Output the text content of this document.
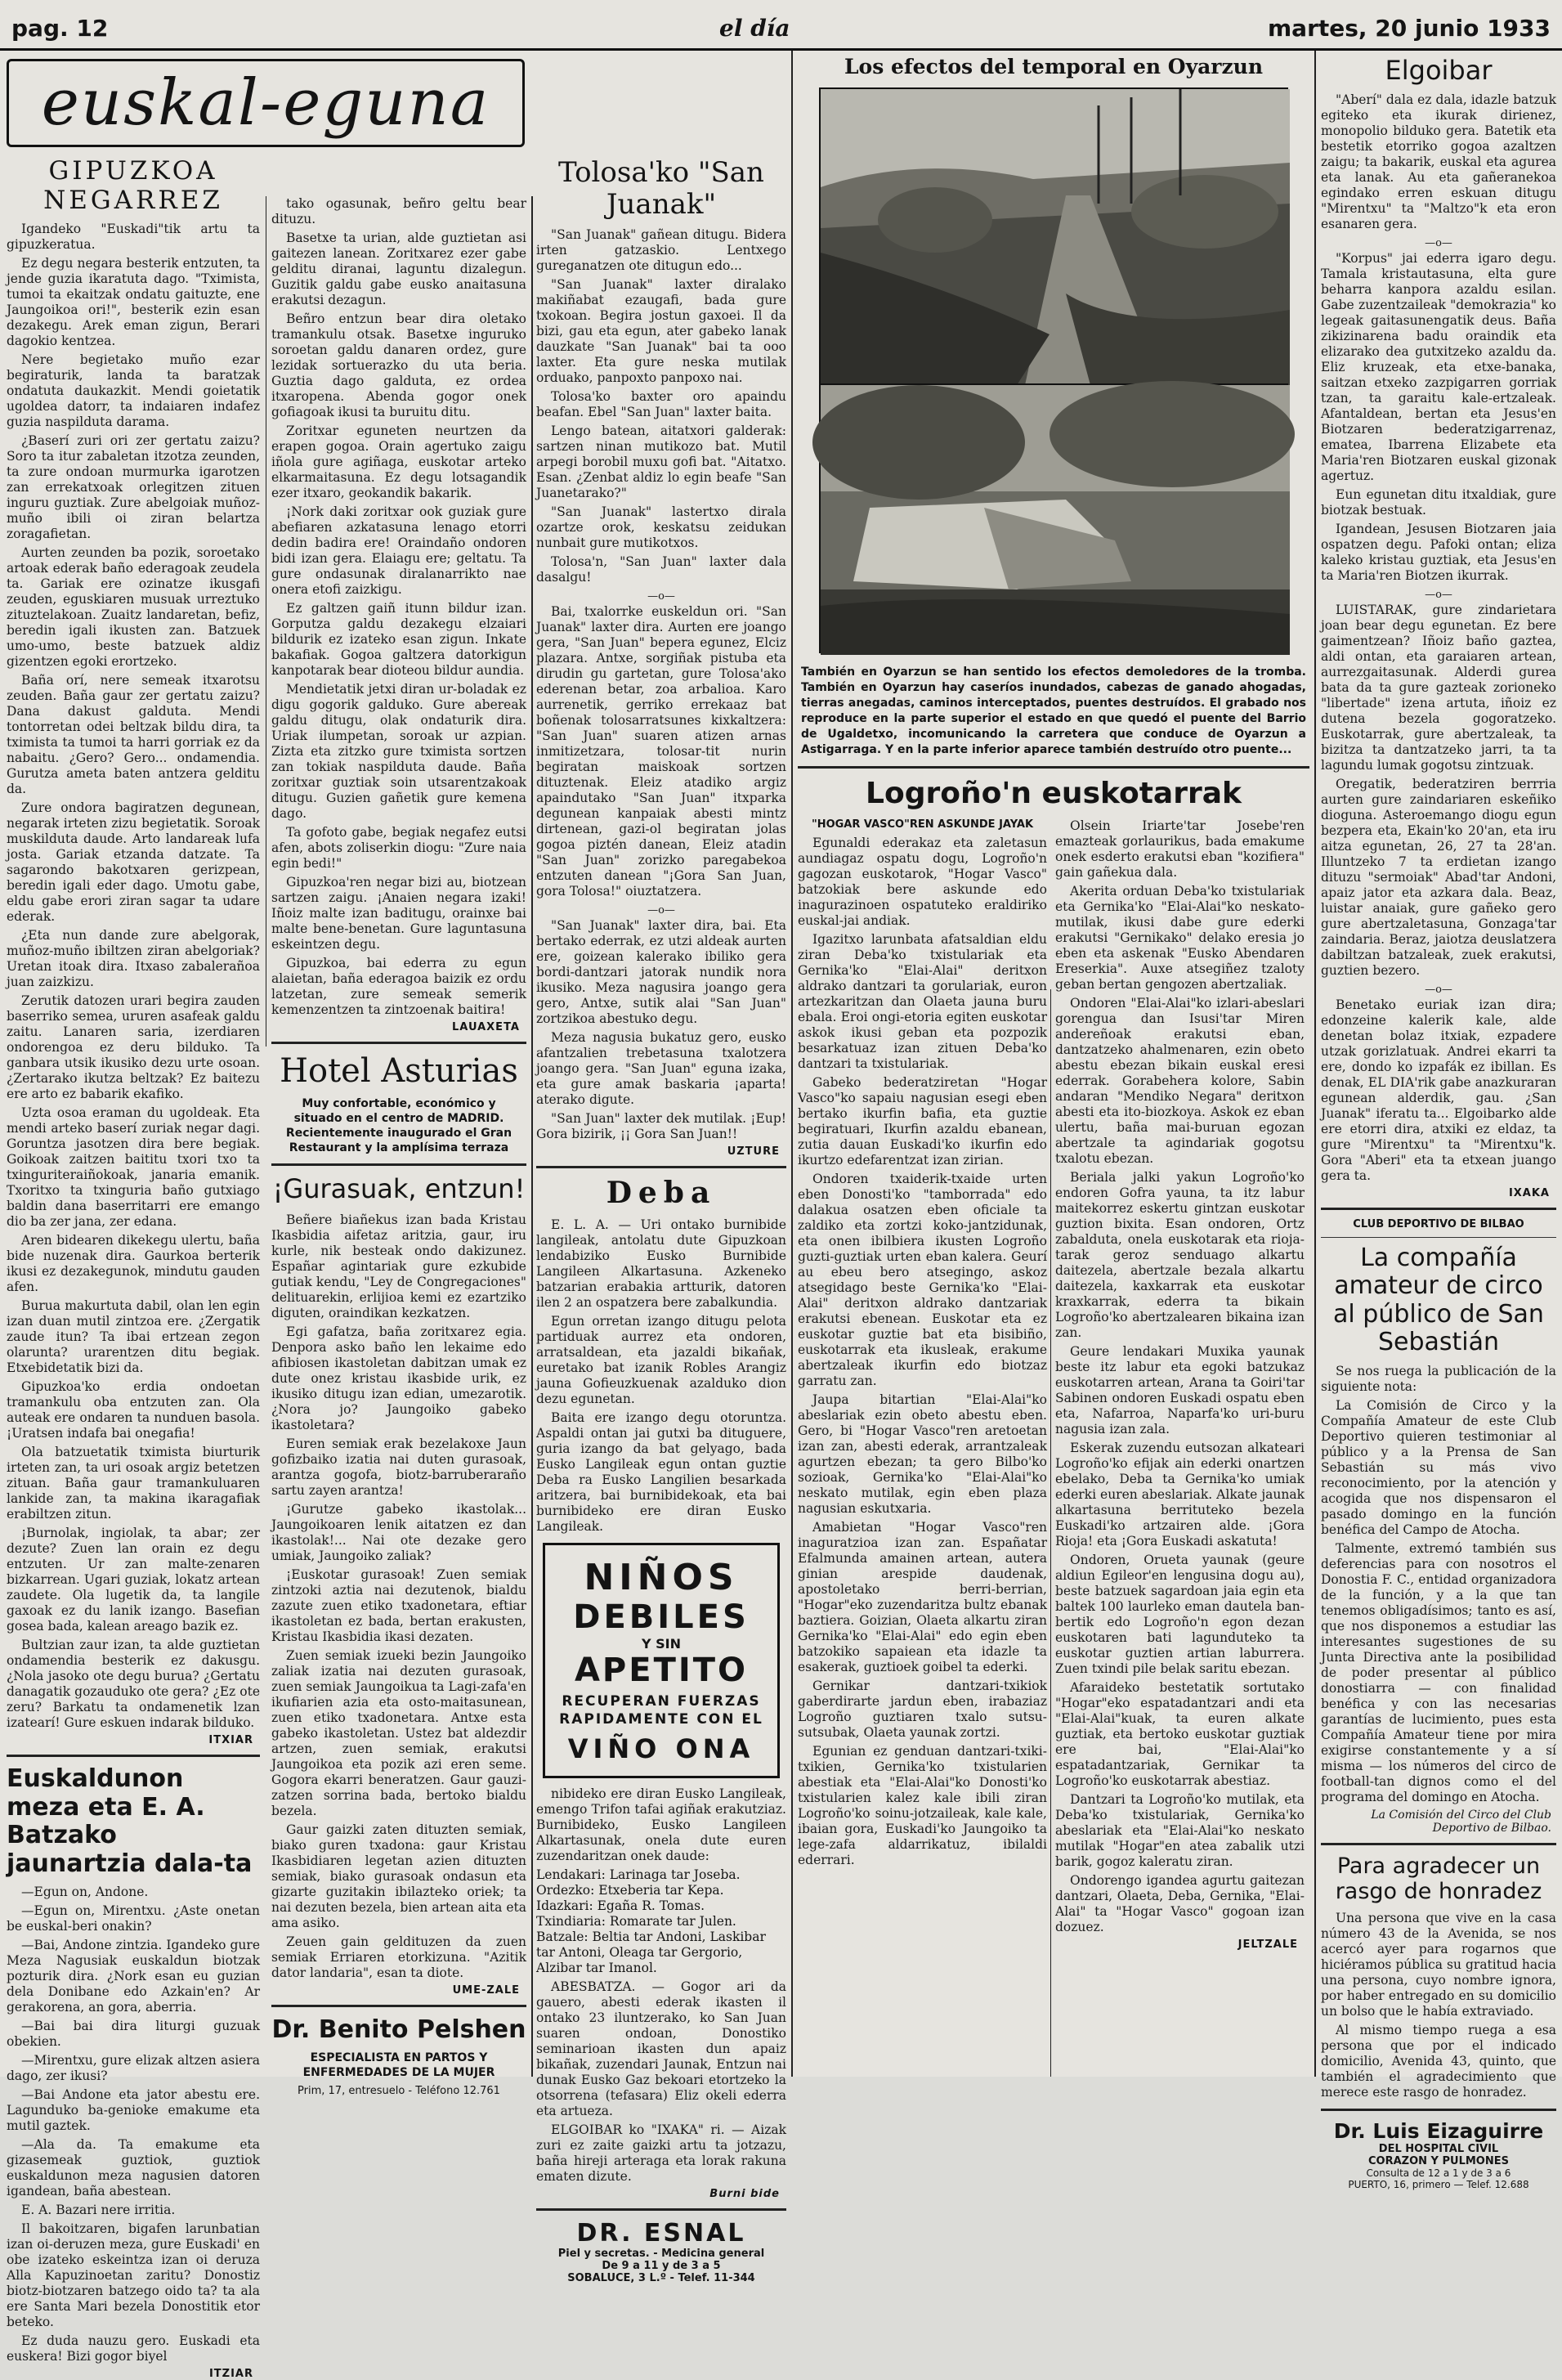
pag. 12	el día	martes, 20 junio 1933
euskal-egunа
GIPUZKOA NEGARREZ

Igandeko "Euskadi"tik artu ta gipuzkeratua.

Ez degu negara besterik entzuten, ta jende guzia ikaratuta dago. "Tximista, tumoi ta ekaitzak ondatu gaituzte, ene Jaungoikoa ori!", besterik ezin esan dezakegu. Arek eman zigun, Berari dagokio kentzea.

Nere begietako muño ezar begiraturik, landa ta baratzak ondatuta daukazkit. Mendi goietatik ugoldea datorr, ta indaiaren indafez guzia naspilduta darama.

¿Baserí zuri ori zer gertatu zaizu? Soro ta itur zabaletan itzotza zeunden, ta zure ondoan murmurka igarotzen zan errekatxoak orlegitzen zituen inguru guztiak. Zure abelgoiak muñoz-muño ibili oi ziran belartza zoragafietan.

Aurten zeunden ba pozik, soroetako artoak ederak baño ederagoak zeudela ta. Gariak ere ozinatze ikusgafi zeuden, eguskiaren musuak urreztuko zituztelakoan. Zuaitz landaretan, befiz, beredin igali ikusten zan. Batzuek umo-umo, beste batzuek aldiz gizentzen egoki erortzeko.

Baña orí, nere semeak itxarotsu zeuden. Baña gaur zer gertatu zaizu? Dana dakust galduta. Mendi tontorretan odei beltzak bildu dira, ta tximista ta tumoi ta harri gorriak ez da nabaitu. ¿Gero? Gero... ondamendia. Gurutza ameta baten antzera gelditu da.

Zure ondora bagiratzen degunean, negarak irteten zizu begietatik. Soroak muskilduta daude. Arto landareak lufa josta. Gariak etzanda datzate. Ta sagarondo bakotxaren gerizpean, beredin igali eder dago. Umotu gabe, eldu gabe erori ziran sagar ta udare ederak.

¿Eta nun dande zure abelgorak, muñoz-muño ibiltzen ziran abelgoriak? Uretan itoak dira. Itxaso zabalerañoa juan zaizkizu.

Zerutik datozen urari begira zauden baserriko semea, ururen asafeak galdu zaitu. Lanaren saria, izerdiaren ondorengoa ez deru bilduko. Ta ganbara utsik ikusiko dezu urte osoan. ¿Zertarako ikutza beltzak? Ez baitezu ere arto ez babarik ekafiko.

Uzta osoa eraman du ugoldeak. Eta mendi arteko baserí zuriak negar dagi. Goruntza jasotzen dira bere begiak. Goikoak zaitzen baititu txori txo ta txinguriteraiñokoak, janaria emanik. Txoritxo ta txinguria baño gutxiago baldin dana baserritarri ere emango dio ba zer jana, zer edana.

Aren bidearen dikekegu ulertu, baña bide nuzenak dira. Gaurkoa berterik ikusi ez dezakegunok, mindutu gauden afen.

Burua makurtuta dabil, olan len egin izan duan mutil zintzoa ere. ¿Zergatik zaude itun? Ta ibai ertzean zegon olarunta? urarentzen ditu begiak. Etxebidetatik bizi da.

Gipuzkoa'ko erdia ondoetan tramankulu oba entzuten zan. Ola auteak ere ondaren ta nunduen basola. ¡Uratsen indafa bai onegafia!

Ola batzuetatik tximista biurturik irteten zan, ta uri osoak argiz betetzen zituan. Baña gaur tramankuluaren lankide zan, ta makina ikaragafiak erabiltzen zitun.

¡Burnolak, ingiolak, ta abar; zer dezute? Zuen lan orain ez degu entzuten. Ur zan malte-zenaren bizkarrean. Ugari guziak, lokatz artean zaudete. Ola lugetik da, ta langile gaxoak ez du lanik izango. Basefian gosea bada, kalean areago bazik ez.

Bultzian zaur izan, ta alde guztietan ondamendia besterik ez dakusgu. ¿Nola jasoko ote degu burua? ¿Gertatu danagatik gozauduko ote gera? ¿Ez ote zeru? Barkatu ta ondamenetik lzan izatearí! Gure eskuen indarak bilduko.

ITXIAR
Euskaldunon meza eta E. A. Batzako jaunartzia dala-ta

—Egun on, Andone.

—Egun on, Mirentxu. ¿Aste onetan be euskal-beri onakin?

—Bai, Andone zintzia. Igandeko gure Meza Nagusiak euskaldun biotzak pozturik dira. ¿Nork esan eu guzian dela Donibane edo Azkain'en? Ar gerakorena, an gora, aberria.

—Bai bai dira liturgi guzuak obekien.

—Mirentxu, gure elizak altzen asiera dago, zer ikusi?

—Bai Andone eta jator abestu ere. Lagunduko ba-genioke emakume eta mutil gaztek.

—Ala da. Ta emakume eta gizasemeak guztiok, guztiok euskaldunon meza nagusien datoren igandean, baña abestean.

E. A. Bazari nere irritia.

Il bakoitzaren, bigafen larunbatian izan oi-deruzen meza, gure Euskadi' en obe izateko eskeintza izan oi deruza Alla Kapuzinoetan zaritu? Donostiz biotz-biotzaren batzego oido ta? ta ala ere Santa Mari bezela Donostitik etor beteko.

Ez duda nauzu gero. Euskadi eta euskera! Bizi gogor biyel

ITZIAR

tako ogasunak, beñro geltu bear dituzu.

Basetxe ta urian, alde guztietan asi gaitezen lanean. Zoritxarez ezer gabe gelditu diranai, laguntu dizalegun. Guzitik galdu gabe eusko anaitasuna erakutsi dezagun.

Beñro entzun bear dira oletako tramankulu otsak. Basetxe inguruko soroetan galdu danaren ordez, gure lezidak sortuerazko du uta beria. Guztia dago galduta, ez ordea itxaropena. Abenda gogor onek gofiagoak ikusi ta buruitu ditu.

Zoritxar eguneten neurtzen da erapen gogoa. Orain agertuko zaigu iñola gure agiñaga, euskotar arteko elkarmaitasuna. Ez degu lotsagandik ezer itxaro, geokandik bakarik.

¡Nork daki zoritxar ook guziak gure abefiaren azkatasuna lenago etorri dedin badira ere! Oraindaño ondoren bidi izan gera. Elaiagu ere; geltatu. Ta gure ondasunak diralanarrikto nae onera etofi zaizkigu.

Ez galtzen gaiñ itunn bildur izan. Gorputza galdu dezakegu elzaiari bildurik ez izateko esan zigun. Inkate bakafiak. Gogoa galtzera datorkigun kanpotarak bear dioteou bildur aundia.

Mendietatik jetxi diran ur-boladak ez digu gogorik galduko. Gure abereak galdu ditugu, olak ondaturik dira. Uriak ilumpetan, soroak ur azpian. Zizta eta zitzko gure tximista sortzen zan tokiak naspilduta daude. Baña zoritxar guztiak soin utsarentzakoak ditugu. Guzien gañetik gure kemena dago.

Ta gofoto gabe, begiak negafez eutsi afen, abots zoliserkin diogu: "Zure naia egin bedi!"

Gipuzkoa'ren negar bizi au, biotzean sartzen zaigu. ¡Anaien negara izaki! Iñoiz malte izan baditugu, orainxe bai malte bene-benetan. Gure laguntasuna eskeintzen degu.

Gipuzkoa, bai ederra zu egun alaietan, baña ederagoa baizik ez ordu latzetan, zure semeak semerik kemenzentzen ta zintzoenak baitira!

LAUAXETA
Hotel Asturias
Muy confortable, económico y situado en el centro de MADRID. Recientemente inaugurado el Gran Restaurant y la amplísima terraza
¡Gurasuak, entzun!

Beñere biañekus izan bada Kristau Ikasbidia aifetaz aritzia, gaur, iru kurle, nik besteak ondo dakizunez. Españar agintariak gure ezkubide gutiak kendu, "Ley de Congregaciones" delituarekin, erlijioa kemi ez ezartziko diguten, oraindikan kezkatzen.

Egi gafatza, baña zoritxarez egia. Denpora asko baño len lekaime edo afibiosen ikastoletan dabitzan umak ez dute onez kristau ikasbide urik, ez ikusiko ditugu izan edian, umezarotik. ¿Nora jo? Jaungoiko gabeko ikastoletara?

Euren semiak erak bezelakoxe Jaun gofizbaiko izatia nai duten gurasoak, arantza gogofa, biotz-barruberaraño sartu zayen arantza!

¡Gurutze gabeko ikastolak... Jaungoikoaren lenik aitatzen ez dan ikastolak!... Nai ote dezake gero umiak, Jaungoiko zaliak?

¡Euskotar gurasoak! Zuen semiak zintzoki aztia nai dezutenok, bialdu zazute zuen etiko txadonetara, eftiar ikastoletan ez bada, bertan erakusten, Kristau Ikasbidia ikasi dezaten.

Zuen semiak izueki bezin Jaungoiko zaliak izatia nai dezuten gurasoak, zuen semiak Jaungoikua ta Lagi-zafa'en ikufiarien azia eta osto-maitasunean, zuen etiko txadonetara. Antxe esta gabeko ikastoletan. Ustez bat aldezdir artzen, zuen semiak, erakutsi Jaungoikoa eta pozik azi eren seme. Gogora ekarri beneratzen. Gaur gauzi-zatzen sorrina bada, bertoko bialdu bezela.

Gaur gaizki zaten dituzten semiak, biako guren txadona: gaur Kristau Ikasbidiaren legetan azien dituzten semiak, biako gurasoak ondasun eta gizarte guzitakin ibilazteko oriek; ta nai dezuten bezela, bien artean aita eta ama asiko.

Zeuen gain geldituzen da zuen semiak Erriaren etorkizuna. "Azitik dator landaria", esan ta diote.

UME-ZALE
Dr. Benito Pelshen
ESPECIALISTA EN PARTOS Y ENFERMEDADES DE LA MUJER
Prim, 17, entresuelo - Teléfono 12.761
Tolosa'ko "San Juanak"

"San Juanak" gañean ditugu. Bidera irten gatzaskio. Lentxego gureganatzen ote ditugun edo...

"San Juanak" laxter diralako makiñabat ezaugafi, bada gure txokoan. Begira jostun gaxoei. Il da bizi, gau eta egun, ater gabeko lanak dauzkate "San Juanak" bai ta ooo laxter. Eta gure neska mutilak orduako, panpoxto panpoxo nai.

Tolosa'ko baxter oro apaindu beafan. Ebel "San Juan" laxter baita.

Lengo batean, aitatxori galderak: sartzen ninan mutikozo bat. Mutil arpegi borobil muxu gofi bat. "Aitatxo. Esan. ¿Zenbat aldiz lo egin beafe "San Juanetarako?"

"San Juanak" lastertxo dirala ozartze orok, keskatsu zeidukan nunbait gure mutikotxos.

Tolosa'n, "San Juan" laxter dala dasalgu!

—o—

Bai, txalorrke euskeldun ori. "San Juanak" laxter dira. Aurten ere joango gera, "San Juan" bepera egunez, Elciz plazara. Antxe, sorgiñak pistuba eta dirudin gu gartetan, gure Tolosa'ako ederenan betar, zoa arbalioa. Karo aurrenetik, gerriko errekaaz bat boñenak tolosarratsunes kixkaltzera: "San Juan" suaren atizen arnas inmitizetzara, tolosar-tit nurin begiratan maiskoak sortzen dituztenak. Eleiz atadiko argiz apaindutako "San Juan" itxparka degunean kanpaiak abesti mintz dirtenean, gazi-ol begiratan jolas gogoa piztén danean, Eleiz atadin "San Juan" zorizko paregabekoa entzuten danean "¡Gora San Juan, gora Tolosa!" oiuztatzera.

—o—

"San Juanak" laxter dira, bai. Eta bertako ederrak, ez utzi aldeak aurten ere, goizean kalerako ibiliko gera bordi-dantzari jatorak nundik nora ikusiko. Meza nagusira joango gera gero, Antxe, sutik alai "San Juan" zortzikoa abestuko degu.

Meza nagusia bukatuz gero, eusko afantzalien trebetasuna txalotzera joango gera. "San Juan" eguna izaka, eta gure amak baskaria ¡aparta! aterako digute.

"San Juan" laxter dek mutilak. ¡Eup! Gora bizirik, ¡¡ Gora San Juan!!

UZTURE
Deba

E. L. A. — Uri ontako burnibide langileak, antolatu dute Gipuzkoan lendabiziko Eusko Burnibide Langileen Alkartasuna. Azkeneko batzarian erabakia artturik, datoren ilen 2 an ospatzera bere zabalkundia.

Egun orretan izango ditugu pelota partiduak aurrez eta ondoren, arratsaldean, eta jazaldi bikañak, euretako bat izanik Robles Arangiz jauna Gofieuzkuenak azalduko dion dezu egunetan.

Baita ere izango degu otoruntza. Aspaldi ontan jai gutxi ba dituguere, guria izango da bat gelyago, bada Eusko Langileak egun ontan guztie Deba ra Eusko Langilien besarkada aritzera, bai burnibidekoak, eta bai burnibideko ere diran Eusko Langileak.

NIÑOS
DEBILES
Y SIN
APETITO
RECUPERAN FUERZAS RAPIDAMENTE CON EL
VIÑO ONA

nibideko ere diran Eusko Langileak, emengo Trifon tafai agiñak erakutziaz. Burnibideko, Eusko Langileen Alkartasunak, onela dute euren zuzendaritzan onek daude:

Lendakari: Larinaga tar Joseba.
Ordezko: Etxeberia tar Kepa.
Idazkari: Egaña R. Tomas.
Txindiaria: Romarate tar Julen.
Batzale: Beltia tar Andoni, Laskibar tar Antoni, Oleaga tar Gergorio, Alzibar tar Imanol.

ABESBATZA. — Gogor ari da gauero, abesti ederak ikasten il ontako 23 iluntzerako, ko San Juan suaren ondoan, Donostiko seminarioan ikasten dun apaiz bikañak, zuzendari Jaunak, Entzun nai dunak Eusko Gaz bekoari etortzeko la otsorrena (tefasara) Eliz okeli ederra eta artueza.

ELGOIBAR ko "IXAKA" ri. — Aizak zuri ez zaite gaizki artu ta jotzazu, baña hireji arteraga eta lorak rakuna ematen dizute.

Burni bide
DR. ESNAL
Piel y secretas. - Medicina general
De 9 a 11 y de 3 a 5
SOBALUCE, 3 L.º - Telef. 11-344
Los efectos del temporal en Oyarzun
También en Oyarzun se han sentido los efectos demoledores de la tromba. También en Oyarzun hay caseríos inundados, cabezas de ganado ahogadas, tierras anegadas, caminos interceptados, puentes destruídos. El grabado nos reproduce en la parte superior el estado en que quedó el puente del Barrio de Ugaldetxo, incomunicando la carretera que conduce de Oyarzun a Astigarraga. Y en la parte inferior aparece también destruído otro puente...
Logroño'n euskotarrak
"HOGAR VASCO"REN ASKUNDE JAYAK

Egunaldi ederakaz eta zaletasun aundiagaz ospatu dogu, Logroño'n gagozan euskotarok, "Hogar Vasco" batzokiak bere askunde edo inagurazinoen ospatuteko eraldiriko euskal-jai andiak.

Igazitxo larunbata afatsaldian eldu ziran Deba'ko txistulariak eta Gernika'ko "Elai-Alai" deritxon aldrako dantzari ta gorulariak, euron artezkaritzan dan Olaeta jauna buru ebala. Eroi ongi-etoria egiten euskotar askok ikusi geban eta pozpozik besarkatuaz izan zituen Deba'ko dantzari ta txistulariak.

Gabeko bederatziretan "Hogar Vasco"ko sapaiu nagusian esegi eben bertako ikurfin bafia, eta guztie begiratuari, Ikurfin azaldu ebanean, zutia dauan Euskadi'ko ikurfin edo ikurtzo edefarentzat izan zirian.

Ondoren txaiderik-txaide urten eben Donosti'ko "tamborrada" edo dalakua osatzen eben oficiale ta zaldiko eta zortzi koko-jantzidunak, eta onen ibilbiera ikusten Logroño guzti-guztiak urten eban kalera. Geurí au ebeu bero atsegingo, askoz atsegidago beste Gernika'ko "Elai-Alai" deritxon aldrako dantzariak erakutsi ebenean. Euskotar eta ez euskotar guztie bat eta bisibiño, euskotarrak eta ikusleak, erakume abertzaleak ikurfin edo biotzaz garratu zan.

Jaupa bitartian "Elai-Alai"ko abeslariak ezin obeto abestu eben. Gero, bi "Hogar Vasco"ren aretoetan izan zan, abesti ederak, arrantzaleak agurtzen ebezan; ta gero Bilbo'ko sozioak, Gernika'ko "Elai-Alai"ko neskato mutilak, egin eben plaza nagusian eskutxaria.

Amabietan "Hogar Vasco"ren inaguratzioa izan zan. Españatar Efalmunda amainen artean, autera ginian arespide daudenak, apostoletako berri-berrian, "Hogar"eko zuzendaritza bultz ebanak baztiera. Goizian, Olaeta alkartu ziran Gernika'ko "Elai-Alai" edo egin eben batzokiko sapaiean eta idazle ta esakerak, guztioek goibel ta ederki.

Gernikar dantzari-txikiok gaberdirarte jardun eben, irabaziaz Logroño guztiaren txalo sutsu-sutsubak, Olaeta yaunak zortzi.

Egunian ez genduan dantzari-txiki-txikien, Gernika'ko txistularien abestiak eta "Elai-Alai"ko Donosti'ko txistularien kalez kale ibili ziran Logroño'ko soinu-jotzaileak, kale kale, ibaian gora, Euskadi'ko Jaungoiko ta lege-zafa aldarrikatuz, ibilaldi ederrari.

Olsein Iriarte'tar Josebe'ren emazteak gorlaurikus, bada emakume onek esderto erakutsi eban "kozifiera" gain gañekua dala.

Akerita orduan Deba'ko txistulariak eta Gernika'ko "Elai-Alai"ko neskato-mutilak, ikusi dabe gure ederki erakutsi "Gernikako" delako eresia jo eben eta askenak "Eusko Abendaren Ereserkia". Auxe atsegiñez tzaloty geban bertan gengozen abertzaliak.

Ondoren "Elai-Alai"ko izlari-abeslari gorengua dan Isusi'tar Miren andereñoak erakutsi eban, dantzatzeko ahalmenaren, ezin obeto abestu ebezan bikain euskal eresi ederrak. Gorabehera kolore, Sabin andaran "Mendiko Negara" deritxon abesti eta ito-biozkoya. Askok ez eban ulertu, baña mai-buruan egozan abertzale ta agindariak gogotsu txalotu ebezan.

Beriala jalki yakun Logroño'ko endoren Gofra yauna, ta itz labur maitekorrez eskertu gintzan euskotar guztion bixita. Esan ondoren, Ortz zabalduta, onela euskotarak eta rioja-tarak geroz senduago alkartu daitezela, abertzale bezala alkartu daitezela, kaxkarrak eta euskotar kraxkarrak, ederra ta bikain Logroño'ko abertzalearen bikaina izan zan.

Geure lendakari Muxika yaunak beste itz labur eta egoki batzukaz euskotarren artean, Arana ta Goiri'tar Sabinen ondoren Euskadi ospatu eben eta, Nafarroa, Naparfa'ko uri-buru nagusia izan zala.

Eskerak zuzendu eutsozan alkateari Logroño'ko efijak ain ederki onartzen ebelako, Deba ta Gernika'ko umiak ederki euren abeslariak. Alkate jaunak alkartasuna berrituteko bezela Euskadi'ko artzairen alde. ¡Gora Rioja! eta ¡Gora Euskadi askatuta!

Ondoren, Orueta yaunak (geure aldiun Egileor'en lengusina dogu au), beste batzuek sagardoan jaia egin eta baltek 100 laurleko eman dautela ban-bertik edo Logroño'n egon dezan euskotaren bati lagunduteko ta euskotar guztien artian laburrera. Zuen txindi pile belak saritu ebezan.

Afaraideko bestetatik sortutako "Hogar"eko espatadantzari andi eta "Elai-Alai"kuak, ta euren alkate guztiak, eta bertoko euskotar guztiak ere bai, "Elai-Alai"ko espatadantzariak, Gernikar ta Logroño'ko euskotarrak abestiaz.

Dantzari ta Logroño'ko mutilak, eta Deba'ko txistulariak, Gernika'ko abeslariak eta "Elai-Alai"ko neskato mutilak "Hogar"en atea zabalik utzi barik, gogoz kaleratu ziran.

Ondorengo igandea agurtu gaitezan dantzari, Olaeta, Deba, Gernika, "Elai-Alai" ta "Hogar Vasco" gogoan izan dozuez.

JELTZALE
Elgoibar

"Aberí" dala ez dala, idazle batzuk egiteko eta ikurak dirienez, monopolio bilduko gera. Batetik eta bestetik etorriko gogoa azaltzen zaigu; ta bakarik, euskal eta agurea eta lanak. Au eta gañeranekoa egindako erren eskuan ditugu "Mirentxu" ta "Maltzo"k eta eron esanaren gera.

—o—

"Korpus" jai ederra igaro degu. Tamala kristautasuna, elta gure beharra kanpora azaldu esilan. Gabe zuzentzaileak "demokrazia" ko legeak gaitasunengatik deus. Baña zikizinarena badu oraindik eta elizarako dea gutxitzeko azaldu da. Eliz kruzeak, eta etxe-banaka, saitzan etxeko zazpigarren gorriak tzan, ta garaitu kale-ertzaleak. Afantaldean, bertan eta Jesus'en Biotzaren bederatzigarrenaz, ematea, Ibarrena Elizabete eta Maria'ren Biotzaren euskal gizonak agertuz.

Eun egunetan ditu itxaldiak, gure biotzak bestuak.

Igandean, Jesusen Biotzaren jaia ospatzen degu. Pafoki ontan; eliza kaleko kristau guztiak, eta Jesus'en ta Maria'ren Biotzen ikurrak.

—o—

LUISTARAK, gure zindarietara joan bear degu egunetan. Ez bere gaimentzean? Iñoiz baño gaztea, aldi ontan, eta garaiaren artean, aurrezgaitasunak. Alderdi gurea bata da ta gure gazteak zorioneko "libertade" izena artuta, iñoiz ez dutena bezela gogoratzeko. Euskotarrak, gure abertzaleak, ta bizitza ta dantzatzeko jarri, ta ta lagundu lumak gogotsu zintzuak.

Oregatik, bederatziren berrria aurten gure zaindariaren eskeñiko dioguna. Asteroemango diogu egun bezpera eta, Ekain'ko 20'an, eta iru aitza egunetan, 26, 27 ta 28'an. Illuntzeko 7 ta erdietan izango dituzu "sermoiak" Abad'tar Andoni, apaiz jator eta azkara dala. Beaz, luistar anaiak, gure gañeko gero gure abertzaletasuna, Gonzaga'tar zaindaria. Beraz, jaiotza deuslatzera dabiltzan batzaleak, zuek erakutsi, guztien bezero.

—o—

Benetako euriak izan dira; edonzeine kalerik kale, alde denetan bolaz itxiak, ezpadere utzak gorizlatuak. Andrei ekarri ta ere, dondo ko izpafák ez ibillan. Es denak, EL DIA'rik gabe anazkuraran egunean alderdik, gau. ¿San Juanak" iferatu ta... Elgoibarko alde ere etorri dira, atxiki ez eldaz, ta gure "Mirentxu" ta "Mirentxu"k. Gora "Aberi" eta ta etxean juango gera ta.

IXAKA
CLUB DEPORTIVO DE BILBAO
La compañía amateur de circo al público de San Sebastián

Se nos ruega la publicación de la siguiente nota:

La Comisión de Circo y la Compañía Amateur de este Club Deportivo quieren testimoniar al público y a la Prensa de San Sebastián su más vivo reconocimiento, por la atención y acogida que nos dispensaron el pasado domingo en la función benéfica del Campo de Atocha.

Talmente, extremó también sus deferencias para con nosotros el Donostia F. C., entidad organizadora de la función, y a la que tan tenemos obligadísimos; tanto es así, que nos disponemos a estudiar las interesantes sugestiones de su Junta Directiva ante la posibilidad de poder presentar al público donostiarra — con finalidad benéfica y con las necesarias garantías de lucimiento, pues esta Compañía Amateur tiene por mira exigirse constantemente y a sí misma — los números del circo de football-tan dignos como el del programa del domingo en Atocha.

La Comisión del Circo del Club Deportivo de Bilbao.
Para agradecer un rasgo de honradez

Una persona que vive en la casa número 43 de la Avenida, se nos acercó ayer para rogarnos que hiciéramos pública su gratitud hacia una persona, cuyo nombre ignora, por haber entregado en su domicilio un bolso que le había extraviado.

Al mismo tiempo ruega a esa persona que por el indicado domicilio, Avenida 43, quinto, que también el agradecimiento que merece este rasgo de honradez.

Dr. Luis Eizaguirre
DEL HOSPITAL CIVIL
CORAZON Y PULMONES
Consulta de 12 a 1 y de 3 a 6
PUERTO, 16, primero — Telef. 12.688
